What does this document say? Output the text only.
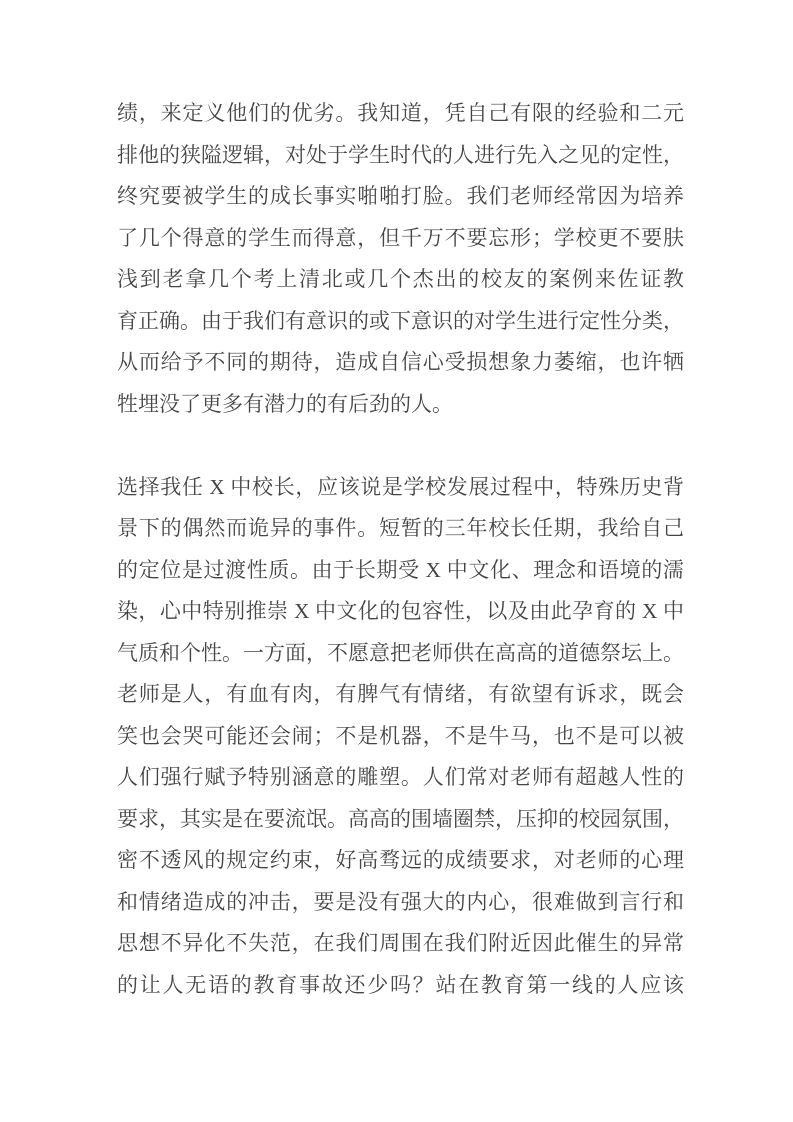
绩，来定义他们的优劣。我知道，凭自己有限的经验和二元
排他的狭隘逻辑，对处于学生时代的人进行先入之见的定性，
终究要被学生的成长事实啪啪打脸。我们老师经常因为培养
了几个得意的学生而得意，但千万不要忘形；学校更不要肤
浅到老拿几个考上清北或几个杰出的校友的案例来佐证教
育正确。由于我们有意识的或下意识的对学生进行定性分类，
从而给予不同的期待，造成自信心受损想象力萎缩，也许牺
牲埋没了更多有潜力的有后劲的人。
选择我任 X 中校长，应该说是学校发展过程中，特殊历史背
景下的偶然而诡异的事件。短暂的三年校长任期，我给自己
的定位是过渡性质。由于长期受 X 中文化、理念和语境的濡
染，心中特别推崇 X 中文化的包容性，以及由此孕育的 X 中
气质和个性。一方面，不愿意把老师供在高高的道德祭坛上。
老师是人，有血有肉，有脾气有情绪，有欲望有诉求，既会
笑也会哭可能还会闹；不是机器，不是牛马，也不是可以被
人们强行赋予特别涵意的雕塑。人们常对老师有超越人性的
要求，其实是在要流氓。高高的围墙圈禁，压抑的校园氛围，
密不透风的规定约束，好高骛远的成绩要求，对老师的心理
和情绪造成的冲击，要是没有强大的内心，很难做到言行和
思想不异化不失范，在我们周围在我们附近因此催生的异常
的让人无语的教育事故还少吗？站在教育第一线的人应该
